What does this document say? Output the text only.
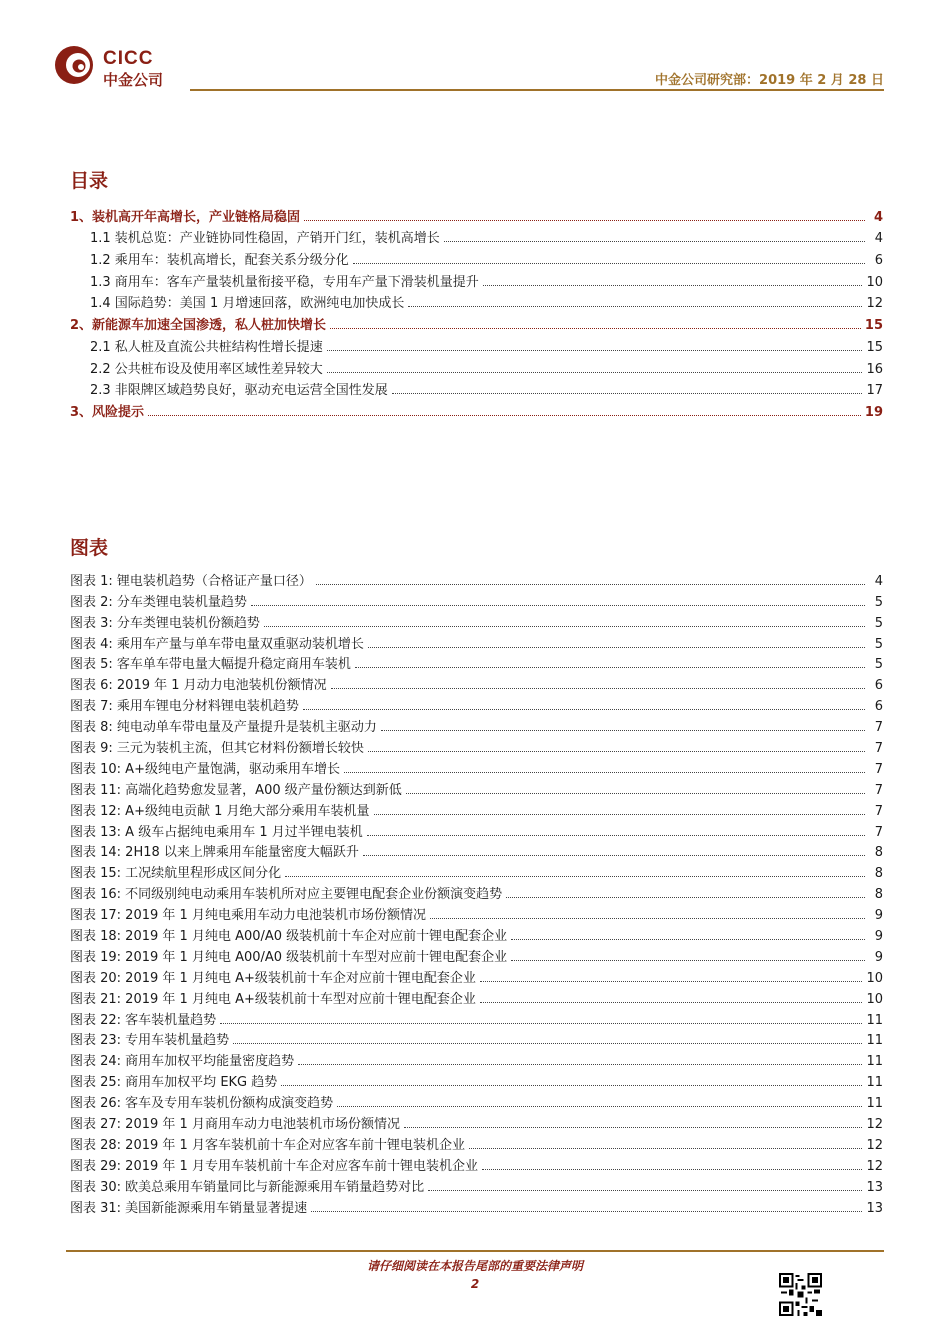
CICC
中金公司	中金公司研究部：2019 年 2 月 28 日
目录
1、装机高开年高增长，产业链格局稳固	4
1.1 装机总览：产业链协同性稳固，产销开门红，装机高增长	4
1.2 乘用车：装机高增长，配套关系分级分化	6
1.3 商用车：客车产量装机量衔接平稳，专用车产量下滑装机量提升	10
1.4 国际趋势：美国 1 月增速回落，欧洲纯电加快成长	12
2、新能源车加速全国渗透，私人桩加快增长	15
2.1 私人桩及直流公共桩结构性增长提速	15
2.2 公共桩布设及使用率区域性差异较大	16
2.3 非限牌区域趋势良好，驱动充电运营全国性发展	17
3、风险提示	19
图表
图表 1: 锂电装机趋势（合格证产量口径）	4
图表 2: 分车类锂电装机量趋势	5
图表 3: 分车类锂电装机份额趋势	5
图表 4: 乘用车产量与单车带电量双重驱动装机增长	5
图表 5: 客车单车带电量大幅提升稳定商用车装机	5
图表 6: 2019 年 1 月动力电池装机份额情况	6
图表 7: 乘用车锂电分材料锂电装机趋势	6
图表 8: 纯电动单车带电量及产量提升是装机主驱动力	7
图表 9: 三元为装机主流，但其它材料份额增长较快	7
图表 10: A+级纯电产量饱满，驱动乘用车增长	7
图表 11: 高端化趋势愈发显著，A00 级产量份额达到新低	7
图表 12: A+级纯电贡献 1 月绝大部分乘用车装机量	7
图表 13: A 级车占据纯电乘用车 1 月过半锂电装机	7
图表 14: 2H18 以来上牌乘用车能量密度大幅跃升	8
图表 15: 工况续航里程形成区间分化	8
图表 16: 不同级别纯电动乘用车装机所对应主要锂电配套企业份额演变趋势	8
图表 17: 2019 年 1 月纯电乘用车动力电池装机市场份额情况	9
图表 18: 2019 年 1 月纯电 A00/A0 级装机前十车企对应前十锂电配套企业	9
图表 19: 2019 年 1 月纯电 A00/A0 级装机前十车型对应前十锂电配套企业	9
图表 20: 2019 年 1 月纯电 A+级装机前十车企对应前十锂电配套企业	10
图表 21: 2019 年 1 月纯电 A+级装机前十车型对应前十锂电配套企业	10
图表 22: 客车装机量趋势	11
图表 23: 专用车装机量趋势	11
图表 24: 商用车加权平均能量密度趋势	11
图表 25: 商用车加权平均 EKG 趋势	11
图表 26: 客车及专用车装机份额构成演变趋势	11
图表 27: 2019 年 1 月商用车动力电池装机市场份额情况	12
图表 28: 2019 年 1 月客车装机前十车企对应客车前十锂电装机企业	12
图表 29: 2019 年 1 月专用车装机前十车企对应客车前十锂电装机企业	12
图表 30: 欧美总乘用车销量同比与新能源乘用车销量趋势对比	13
图表 31: 美国新能源乘用车销量显著提速	13
请仔细阅读在本报告尾部的重要法律声明
2
